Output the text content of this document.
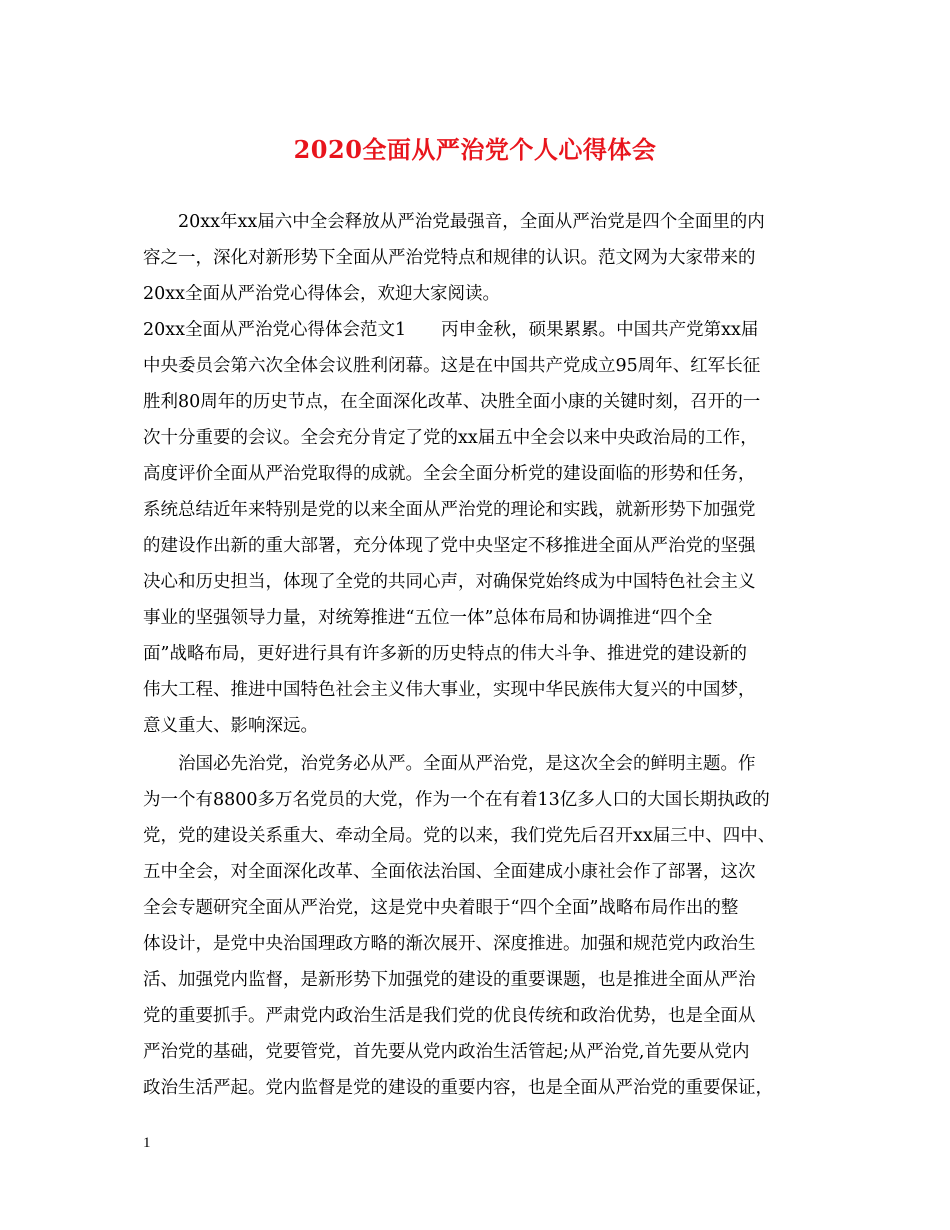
2020全面从严治党个人心得体会

20xx年xx届六中全会释放从严治党最强音，全面从严治党是四个全面里的内

容之一，深化对新形势下全面从严治党特点和规律的认识。范文网为大家带来的

20xx全面从严治党心得体会，欢迎大家阅读。

20xx全面从严治党心得体会范文1　　丙申金秋，硕果累累。中国共产党第xx届

中央委员会第六次全体会议胜利闭幕。这是在中国共产党成立95周年、红军长征

胜利80周年的历史节点，在全面深化改革、决胜全面小康的关键时刻，召开的一

次十分重要的会议。全会充分肯定了党的xx届五中全会以来中央政治局的工作，

高度评价全面从严治党取得的成就。全会全面分析党的建设面临的形势和任务，

系统总结近年来特别是党的以来全面从严治党的理论和实践，就新形势下加强党

的建设作出新的重大部署，充分体现了党中央坚定不移推进全面从严治党的坚强

决心和历史担当，体现了全党的共同心声，对确保党始终成为中国特色社会主义

事业的坚强领导力量，对统筹推进“五位一体”总体布局和协调推进“四个全

面”战略布局，更好进行具有许多新的历史特点的伟大斗争、推进党的建设新的

伟大工程、推进中国特色社会主义伟大事业，实现中华民族伟大复兴的中国梦，

意义重大、影响深远。

治国必先治党，治党务必从严。全面从严治党，是这次全会的鲜明主题。作

为一个有8800多万名党员的大党，作为一个在有着13亿多人口的大国长期执政的

党，党的建设关系重大、牵动全局。党的以来，我们党先后召开xx届三中、四中、

五中全会，对全面深化改革、全面依法治国、全面建成小康社会作了部署，这次

全会专题研究全面从严治党，这是党中央着眼于“四个全面”战略布局作出的整

体设计，是党中央治国理政方略的渐次展开、深度推进。加强和规范党内政治生

活、加强党内监督，是新形势下加强党的建设的重要课题，也是推进全面从严治

党的重要抓手。严肃党内政治生活是我们党的优良传统和政治优势，也是全面从

严治党的基础，党要管党，首先要从党内政治生活管起;从严治党,首先要从党内

政治生活严起。党内监督是党的建设的重要内容，也是全面从严治党的重要保证，

1
